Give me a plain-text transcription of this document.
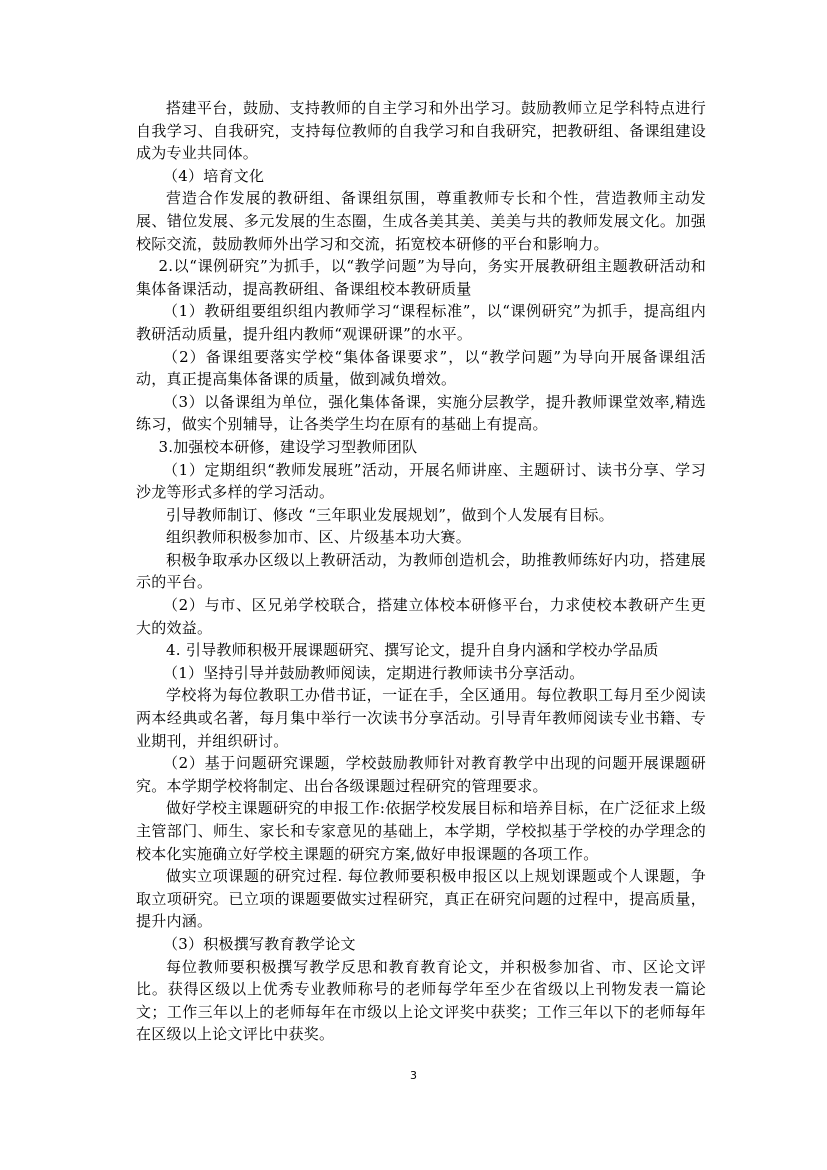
搭建平台，鼓励、支持教师的自主学习和外出学习。鼓励教师立足学科特点进行自我学习、自我研究，支持每位教师的自我学习和自我研究，把教研组、备课组建设成为专业共同体。

（4）培育文化

营造合作发展的教研组、备课组氛围，尊重教师专长和个性，营造教师主动发展、错位发展、多元发展的生态圈，生成各美其美、美美与共的教师发展文化。加强校际交流，鼓励教师外出学习和交流，拓宽校本研修的平台和影响力。

2.以“课例研究”为抓手，以“教学问题”为导向，务实开展教研组主题教研活动和集体备课活动，提高教研组、备课组校本教研质量

（1）教研组要组织组内教师学习“课程标准”，以“课例研究”为抓手，提高组内教研活动质量，提升组内教师“观课研课”的水平。

（2）备课组要落实学校“集体备课要求”，以“教学问题”为导向开展备课组活动，真正提高集体备课的质量，做到减负增效。

（3）以备课组为单位，强化集体备课，实施分层教学，提升教师课堂效率,精选练习，做实个别辅导，让各类学生均在原有的基础上有提高。

3.加强校本研修，建设学习型教师团队

（1）定期组织“教师发展班”活动，开展名师讲座、主题研讨、读书分享、学习沙龙等形式多样的学习活动。

引导教师制订、修改 “三年职业发展规划”，做到个人发展有目标。

组织教师积极参加市、区、片级基本功大赛。

积极争取承办区级以上教研活动，为教师创造机会，助推教师练好内功，搭建展示的平台。

（2）与市、区兄弟学校联合，搭建立体校本研修平台，力求使校本教研产生更大的效益。

4. 引导教师积极开展课题研究、撰写论文，提升自身内涵和学校办学品质

（1）坚持引导并鼓励教师阅读，定期进行教师读书分享活动。

学校将为每位教职工办借书证，一证在手，全区通用。每位教职工每月至少阅读两本经典或名著，每月集中举行一次读书分享活动。引导青年教师阅读专业书籍、专业期刊，并组织研讨。

（2）基于问题研究课题，学校鼓励教师针对教育教学中出现的问题开展课题研究。本学期学校将制定、出台各级课题过程研究的管理要求。

做好学校主课题研究的申报工作:依据学校发展目标和培养目标，在广泛征求上级主管部门、师生、家长和专家意见的基础上，本学期，学校拟基于学校的办学理念的校本化实施确立好学校主课题的研究方案,做好申报课题的各项工作。

做实立项课题的研究过程. 每位教师要积极申报区以上规划课题或个人课题，争取立项研究。已立项的课题要做实过程研究，真正在研究问题的过程中，提高质量，提升内涵。

（3）积极撰写教育教学论文

每位教师要积极撰写教学反思和教育教育论文，并积极参加省、市、区论文评比。获得区级以上优秀专业教师称号的老师每学年至少在省级以上刊物发表一篇论文；工作三年以上的老师每年在市级以上论文评奖中获奖；工作三年以下的老师每年在区级以上论文评比中获奖。

3
